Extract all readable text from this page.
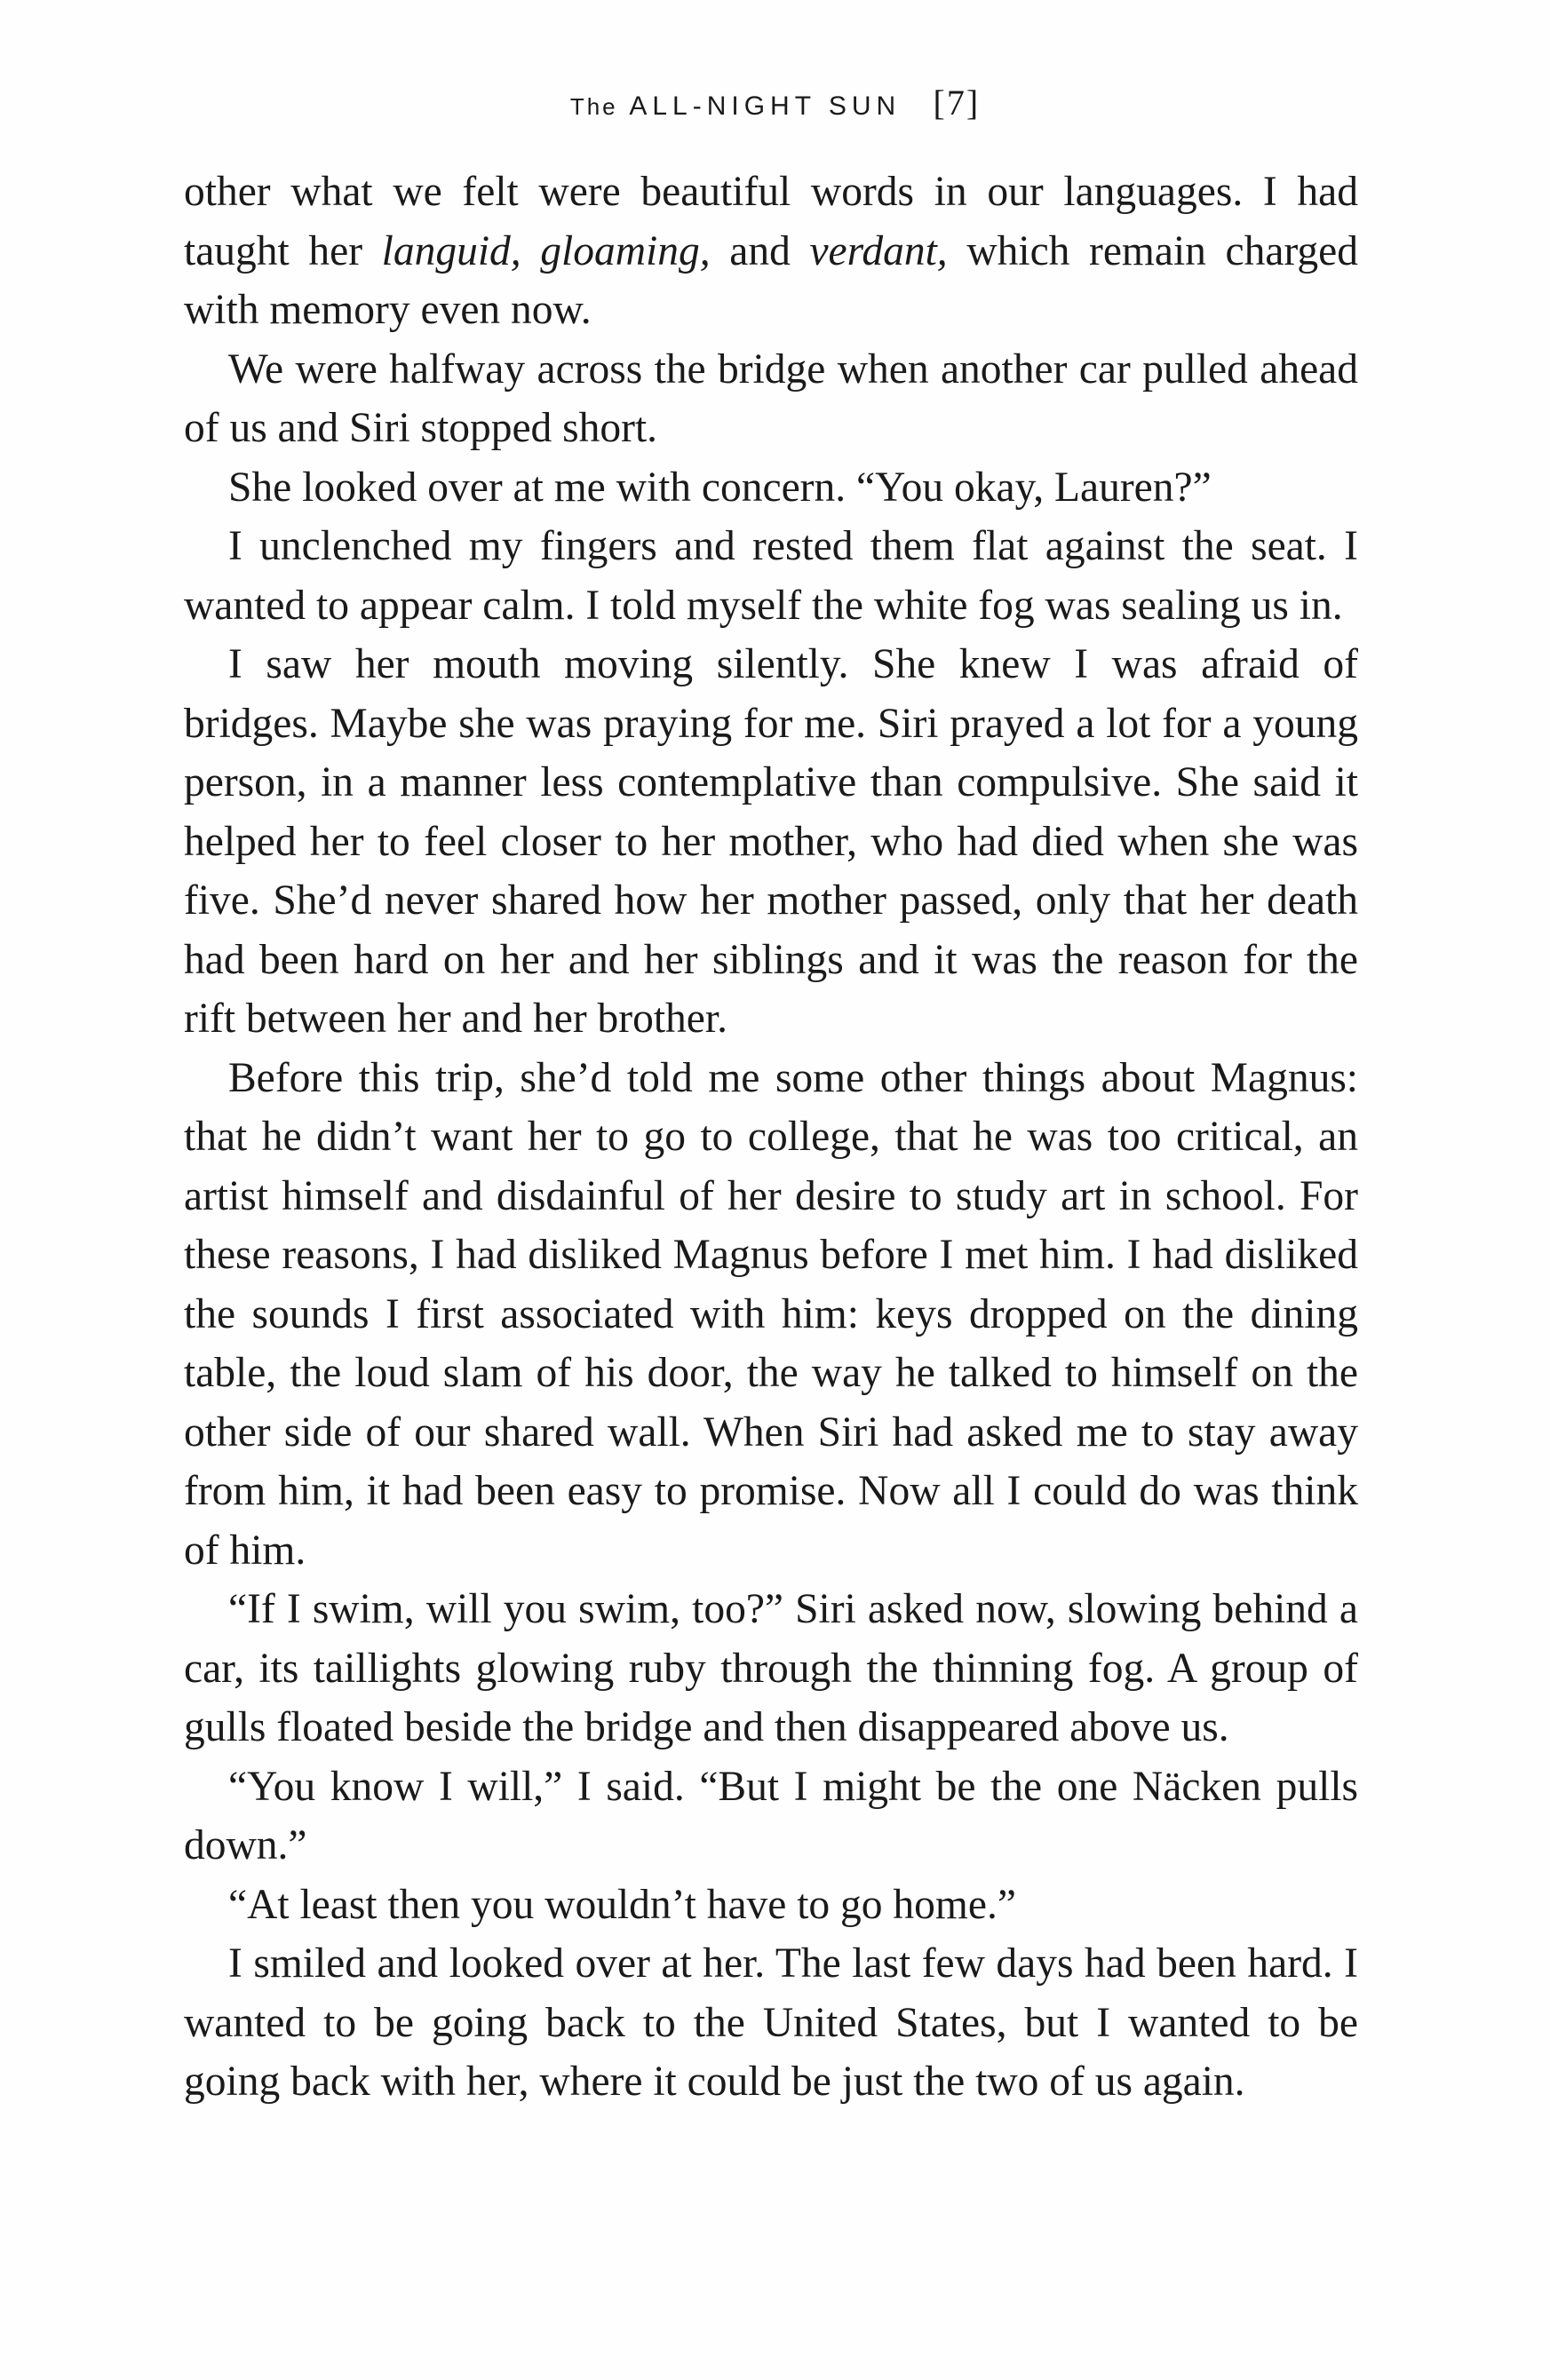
The ALL-NIGHT SUN [7]

other what we felt were beautiful words in our languages. I had taught her languid, gloaming, and verdant, which remain charged with memory even now.

We were halfway across the bridge when another car pulled ahead of us and Siri stopped short.

She looked over at me with concern. “You okay, Lauren?”

I unclenched my fingers and rested them flat against the seat. I wanted to appear calm. I told myself the white fog was sealing us in.

I saw her mouth moving silently. She knew I was afraid of bridges. Maybe she was praying for me. Siri prayed a lot for a young person, in a manner less contemplative than compulsive. She said it helped her to feel closer to her mother, who had died when she was five. She’d never shared how her mother passed, only that her death had been hard on her and her siblings and it was the reason for the rift between her and her brother.

Before this trip, she’d told me some other things about Magnus: that he didn’t want her to go to college, that he was too critical, an artist himself and disdainful of her desire to study art in school. For these reasons, I had disliked Magnus before I met him. I had disliked the sounds I first associated with him: keys dropped on the dining table, the loud slam of his door, the way he talked to himself on the other side of our shared wall. When Siri had asked me to stay away from him, it had been easy to promise. Now all I could do was think of him.

“If I swim, will you swim, too?” Siri asked now, slowing behind a car, its taillights glowing ruby through the thinning fog. A group of gulls floated beside the bridge and then disappeared above us.

“You know I will,” I said. “But I might be the one Näcken pulls down.”

“At least then you wouldn’t have to go home.”

I smiled and looked over at her. The last few days had been hard. I wanted to be going back to the United States, but I wanted to be going back with her, where it could be just the two of us again.
